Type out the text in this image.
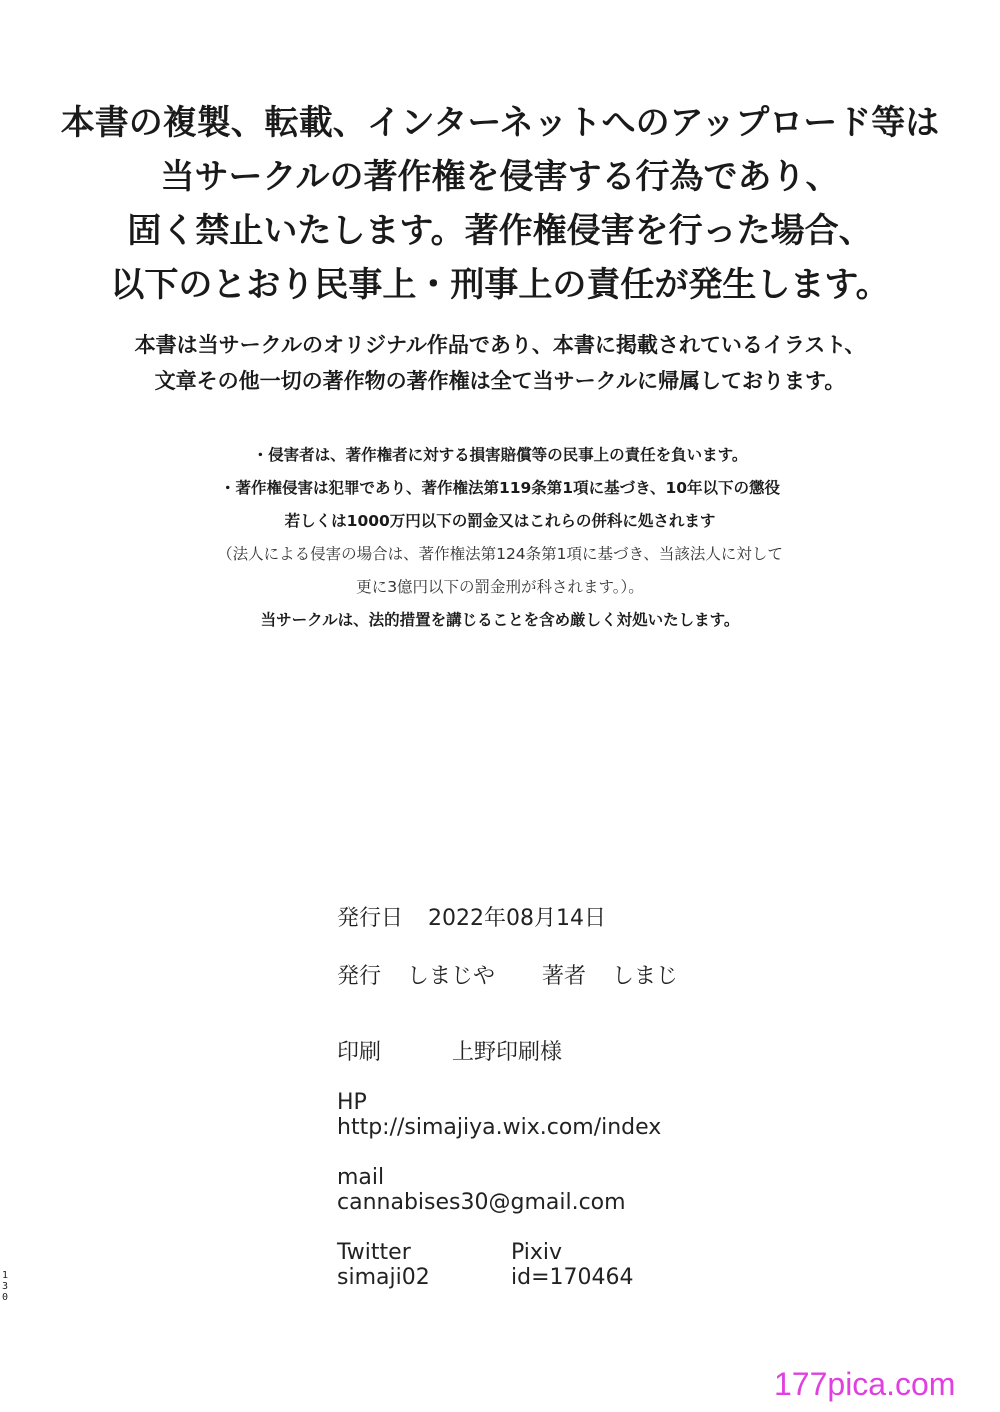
本書の複製、転載、インターネットへのアップロード等は
当サークルの著作権を侵害する行為であり、
固く禁止いたします。著作権侵害を行った場合、
以下のとおり民事上・刑事上の責任が発生します。
本書は当サークルのオリジナル作品であり、本書に掲載されているイラスト、
文章その他一切の著作物の著作権は全て当サークルに帰属しております。
・侵害者は、著作権者に対する損害賠償等の民事上の責任を負います。
・著作権侵害は犯罪であり、著作権法第119条第1項に基づき、10年以下の懲役
若しくは1000万円以下の罰金又はこれらの併科に処されます
（法人による侵害の場合は、著作権法第124条第1項に基づき、当該法人に対して
更に3億円以下の罰金刑が科されます。）。
当サークルは、法的措置を講じることを含め厳しく対処いたします。
発行日 2022年08月14日
発行 しまじや 著者 しまじ
印刷	上野印刷様
HP
http://simajiya.wix.com/index
mail
cannabises30@gmail.com
Twitter	Pixiv
simaji02	id=170464
1
3
0
177pica.com
